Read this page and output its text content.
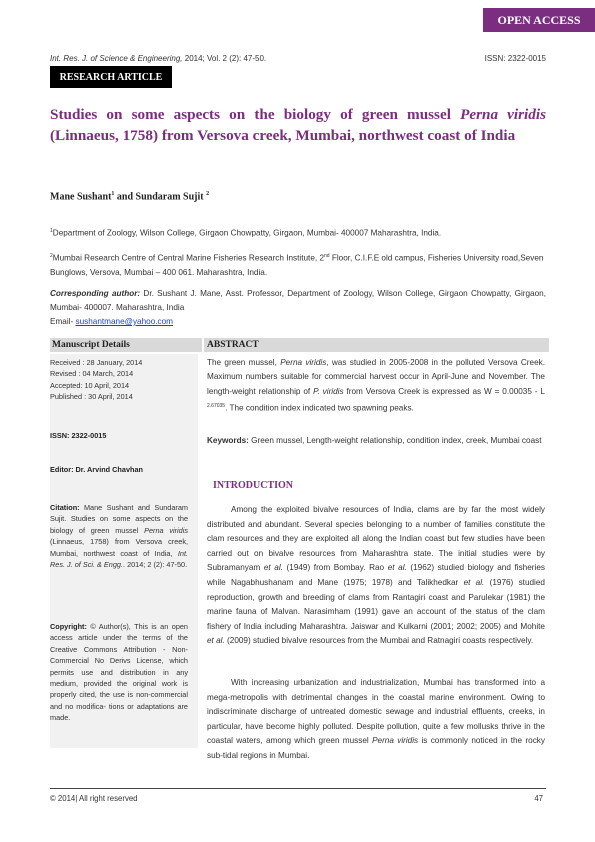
OPEN ACCESS
Int. Res. J. of Science & Engineering, 2014; Vol. 2 (2): 47-50.	ISSN: 2322-0015
RESEARCH ARTICLE
Studies on some aspects on the biology of green mussel Perna viridis (Linnaeus, 1758) from Versova creek, Mumbai, northwest coast of India
Mane Sushant$^1$ and Sundaram Sujit $^2$
$^1$Department of Zoology, Wilson College, Girgaon Chowpatty, Girgaon, Mumbai- 400007 Maharashtra, India.
$^2$Mumbai Research Centre of Central Marine Fisheries Research Institute, 2nd Floor, C.I.F.E old campus, Fisheries University road,Seven Bunglows, Versova, Mumbai – 400 061. Maharashtra, India.
Corresponding author: Dr. Sushant J. Mane, Asst. Professor, Department of Zoology, Wilson College, Girgaon Chowpatty, Girgaon, Mumbai- 400007. Maharashtra, India
Email- sushantmane@yahoo.com
Manuscript Details	ABSTRACT
Received : 28 January, 2014
Revised : 04 March, 2014
Accepted: 10 April, 2014
Published : 30 April, 2014
ISSN: 2322-0015
Editor: Dr. Arvind Chavhan
Citation: Mane Sushant and Sundaram Sujit. Studies on some aspects on the biology of green mussel Perna viridis (Linnaeus, 1758) from Versova creek, Mumbai, northwest coast of India, Int. Res. J. of Sci. & Engg.. 2014; 2 (2): 47-50.
Copyright: © Author(s), This is an open access article under the terms of the Creative Commons Attribution - Non-Commercial No Derivs License, which permits use and distribution in any medium, provided the original work is properly cited, the use is non-commercial and no modifica- tions or adaptations are made.
The green mussel, Perna viridis, was studied in 2005-2008 in the polluted Versova Creek. Maximum numbers suitable for commercial harvest occur in April-June and November. The length-weight relationship of P. viridis from Versova Creek is expressed as W = 0.00035 - L $^{2.67035}$. The condition index indicated two spawning peaks.
Keywords: Green mussel, Length-weight relationship, condition index, creek, Mumbai coast
INTRODUCTION
Among the exploited bivalve resources of India, clams are by far the most widely distributed and abundant. Several species belonging to a number of families constitute the clam resources and they are exploited all along the Indian coast but few studies have been carried out on bivalve resources from Maharashtra state. The initial studies were by Subramanyam et al. (1949) from Bombay. Rao et al. (1962) studied biology and fisheries while Nagabhushanam and Mane (1975; 1978) and Talikhedkar et al. (1976) studied reproduction, growth and breeding of clams from Rantagiri coast and Parulekar (1981) the marine fauna of Malvan. Narasimham (1991) gave an account of the status of the clam fishery of India including Maharashtra. Jaiswar and Kulkarni (2001; 2002; 2005) and Mohite et al. (2009) studied bivalve resources from the Mumbai and Ratnagiri coasts respectively.
With increasing urbanization and industrialization, Mumbai has transformed into a mega-metropolis with detrimental changes in the coastal marine environment. Owing to indiscriminate discharge of untreated domestic sewage and industrial effluents, creeks, in particular, have become highly polluted. Despite pollution, quite a few mollusks thrive in the coastal waters, among which green mussel Perna viridis is commonly noticed in the rocky sub-tidal regions in Mumbai.
© 2014| All right reserved	47
